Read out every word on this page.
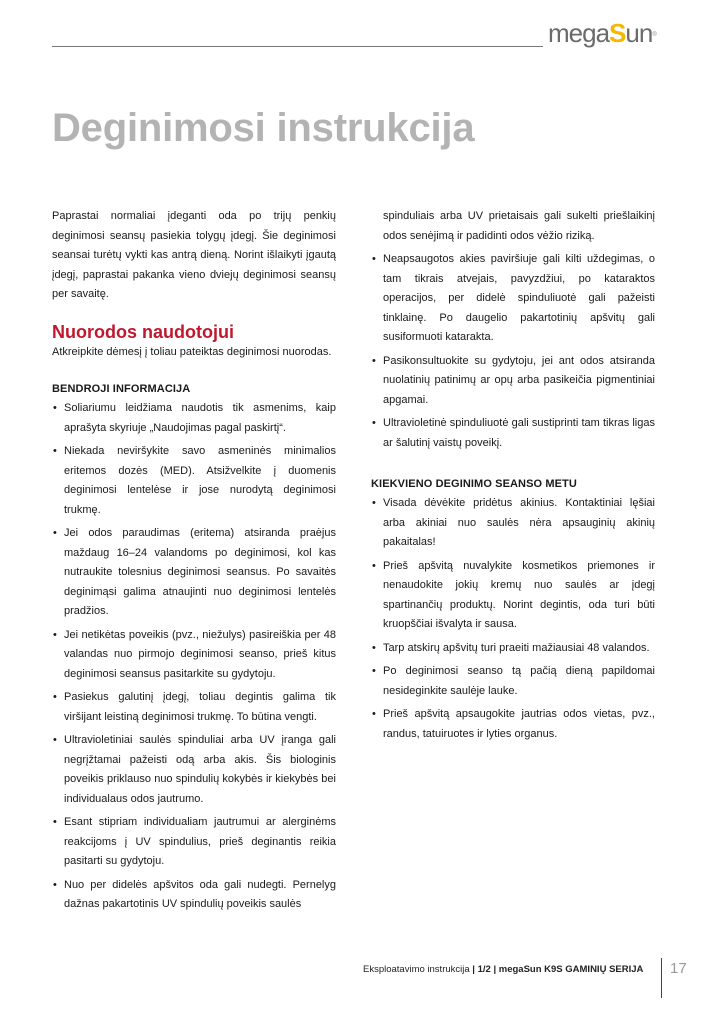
megaSun®
Deginimosi instrukcija

Paprastai normaliai įdeganti oda po trijų penkių deginimosi seansų pasiekia tolygų įdegį. Šie deginimosi seansai turėtų vykti kas antrą dieną. Norint išlaikyti įgautą įdegį, paprastai pakanka vieno dviejų deginimosi seansų per savaitę.

Nuorodos naudotojui

Atkreipkite dėmesį į toliau pateiktas deginimosi nuorodas.

BENDROJI INFORMACIJA
• Soliariumu leidžiama naudotis tik asmenims, kaip aprašyta skyriuje „Naudojimas pagal paskirtį“.
• Niekada neviršykite savo asmeninės minimalios eritemos dozės (MED). Atsižvelkite į duomenis deginimosi lentelėse ir jose nurodytą deginimosi trukmę.
• Jei odos paraudimas (eritema) atsiranda praėjus maždaug 16–24 valandoms po deginimosi, kol kas nutraukite tolesnius deginimosi seansus. Po savaitės deginimąsi galima atnaujinti nuo deginimosi lentelės pradžios.
• Jei netikėtas poveikis (pvz., niežulys) pasireiškia per 48 valandas nuo pirmojo deginimosi seanso, prieš kitus deginimosi seansus pasitarkite su gydytoju.
• Pasiekus galutinį įdegį, toliau degintis galima tik viršijant leistiną deginimosi trukmę. To būtina vengti.
• Ultravioletiniai saulės spinduliai arba UV įranga gali negrįžtamai pažeisti odą arba akis. Šis biologinis poveikis priklauso nuo spindulių kokybės ir kiekybės bei individualaus odos jautrumo.
• Esant stipriam individualiam jautrumui ar alerginėms reakcijoms į UV spindulius, prieš deginantis reikia pasitarti su gydytoju.
• Nuo per didelės apšvitos oda gali nudegti. Pernelyg dažnas pakartotinis UV spindulių poveikis saulės

spinduliais arba UV prietaisais gali sukelti priešlaikinį odos senėjimą ir padidinti odos vėžio riziką.

• Neapsaugotos akies paviršiuje gali kilti uždegimas, o tam tikrais atvejais, pavyzdžiui, po kataraktos operacijos, per didelė spinduliuotė gali pažeisti tinklainę. Po daugelio pakartotinių apšvitų gali susiformuoti katarakta.
• Pasikonsultuokite su gydytoju, jei ant odos atsiranda nuolatinių patinimų ar opų arba pasikeičia pigmentiniai apgamai.
• Ultravioletinė spinduliuotė gali sustiprinti tam tikras ligas ar šalutinį vaistų poveikį.
KIEKVIENO DEGINIMO SEANSO METU
• Visada dėvėkite pridėtus akinius. Kontaktiniai lęšiai arba akiniai nuo saulės nėra apsauginių akinių pakaitalas!
• Prieš apšvitą nuvalykite kosmetikos priemones ir nenaudokite jokių kremų nuo saulės ar įdegį spartinančių produktų. Norint degintis, oda turi būti kruopščiai išvalyta ir sausa.
• Tarp atskirų apšvitų turi praeiti mažiausiai 48 valandos.
• Po deginimosi seanso tą pačią dieną papildomai nesideginkite saulėje lauke.
• Prieš apšvitą apsaugokite jautrias odos vietas, pvz., randus, tatuiruotes ir lyties organus.
Eksploatavimo instrukcija | 1/2 | megaSun K9S GAMINIŲ SERIJA 17
